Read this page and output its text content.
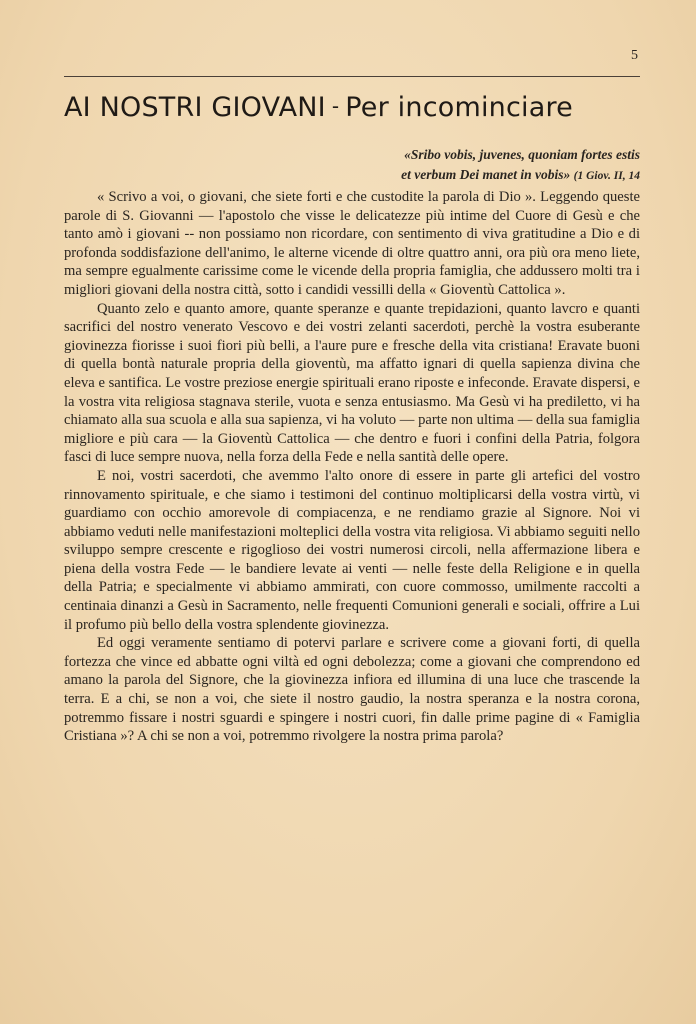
5
AI NOSTRI GIOVANI - Per incominciare
«Sribo vobis, juvenes, quoniam fortes estis
et verbum Dei manet in vobis» (1 Giov. II, 14

« Scrivo a voi, o giovani, che siete forti e che custodite la parola di Dio ». Leggendo queste parole di S. Giovanni — l'apostolo che visse le delicatezze più intime del Cuore di Gesù e che tanto amò i giovani -- non possiamo non ricordare, con sentimento di viva gratitudine a Dio e di profonda soddisfazione dell'animo, le alterne vicende di oltre quattro anni, ora più ora meno liete, ma sempre egualmente carissime come le vicende della propria famiglia, che addussero molti tra i migliori giovani della nostra città, sotto i candidi vessilli della « Gioventù Cattolica ».

Quanto zelo e quanto amore, quante speranze e quante trepidazioni, quanto lavcro e quanti sacrifici del nostro venerato Vescovo e dei vostri zelanti sacerdoti, perchè la vostra esuberante giovinezza fiorisse i suoi fiori più belli, a l'aure pure e fresche della vita cristiana! Eravate buoni di quella bontà naturale propria della gioventù, ma affatto ignari di quella sapienza divina che eleva e santifica. Le vostre preziose energie spirituali erano riposte e infeconde. Eravate dispersi, e la vostra vita religiosa stagnava sterile, vuota e senza entusiasmo. Ma Gesù vi ha prediletto, vi ha chiamato alla sua scuola e alla sua sapienza, vi ha voluto — parte non ultima — della sua famiglia migliore e più cara — la Gioventù Cattolica — che dentro e fuori i confini della Patria, folgora fasci di luce sempre nuova, nella forza della Fede e nella santità delle opere.

E noi, vostri sacerdoti, che avemmo l'alto onore di essere in parte gli artefici del vostro rinnovamento spirituale, e che siamo i testimoni del continuo moltiplicarsi della vostra virtù, vi guardiamo con occhio amorevole di compiacenza, e ne rendiamo grazie al Signore. Noi vi abbiamo veduti nelle manifestazioni molteplici della vostra vita religiosa. Vi abbiamo seguiti nello sviluppo sempre crescente e rigoglioso dei vostri numerosi circoli, nella affermazione libera e piena della vostra Fede — le bandiere levate ai venti — nelle feste della Religione e in quella della Patria; e specialmente vi abbiamo ammirati, con cuore commosso, umilmente raccolti a centinaia dinanzi a Gesù in Sacramento, nelle frequenti Comunioni generali e sociali, offrire a Lui il profumo più bello della vostra splendente giovinezza.

Ed oggi veramente sentiamo di potervi parlare e scrivere come a giovani forti, di quella fortezza che vince ed abbatte ogni viltà ed ogni debolezza; come a giovani che comprendono ed amano la parola del Signore, che la giovinezza infiora ed illumina di una luce che trascende la terra. E a chi, se non a voi, che siete il nostro gaudio, la nostra speranza e la nostra corona, potremmo fissare i nostri sguardi e spingere i nostri cuori, fin dalle prime pagine di « Famiglia Cristiana »? A chi se non a voi, potremmo rivolgere la nostra prima parola?
